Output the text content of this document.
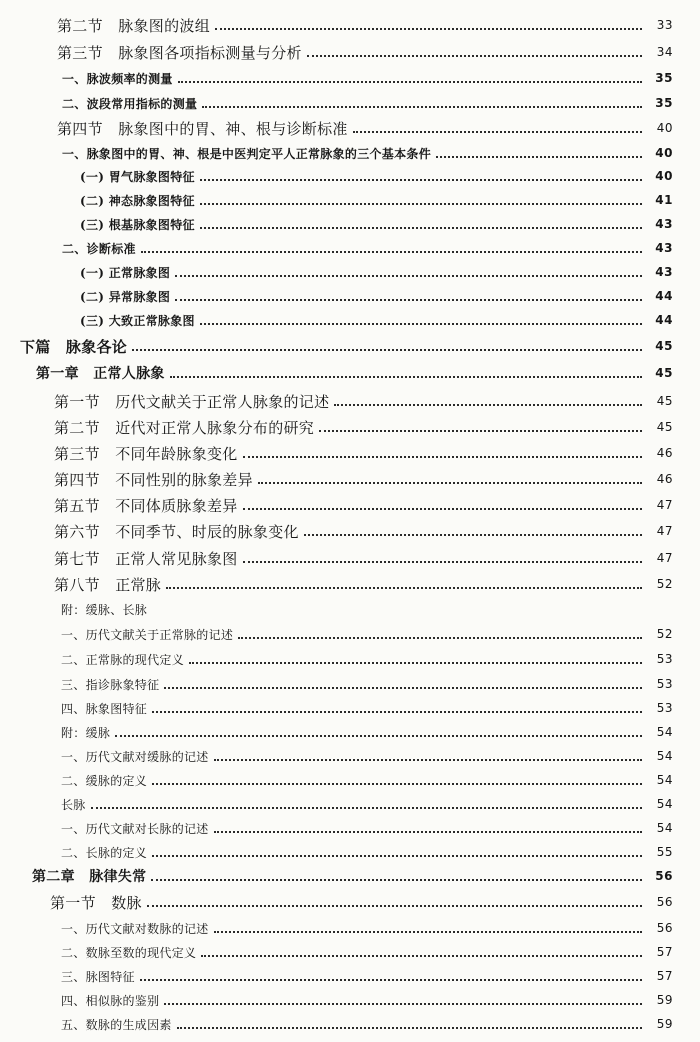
第二节　脉象图的波组	33
第三节　脉象图各项指标测量与分析	34
一、脉波频率的测量	35
二、波段常用指标的测量	35
第四节　脉象图中的胃、神、根与诊断标准	40
一、脉象图中的胃、神、根是中医判定平人正常脉象的三个基本条件	40
(一) 胃气脉象图特征	40
(二) 神态脉象图特征	41
(三) 根基脉象图特征	43
二、诊断标准	43
(一) 正常脉象图	43
(二) 异常脉象图	44
(三) 大致正常脉象图	44
下篇　脉象各论	45
第一章　正常人脉象	45
第一节　历代文献关于正常人脉象的记述	45
第二节　近代对正常人脉象分布的研究	45
第三节　不同年龄脉象变化	46
第四节　不同性别的脉象差异	46
第五节　不同体质脉象差异	47
第六节　不同季节、时辰的脉象变化	47
第七节　正常人常见脉象图	47
第八节　正常脉	52
附：缓脉、长脉
一、历代文献关于正常脉的记述	52
二、正常脉的现代定义	53
三、指诊脉象特征	53
四、脉象图特征	53
附：缓脉	54
一、历代文献对缓脉的记述	54
二、缓脉的定义	54
长脉	54
一、历代文献对长脉的记述	54
二、长脉的定义	55
第二章　脉律失常	56
第一节　数脉	56
一、历代文献对数脉的记述	56
二、数脉至数的现代定义	57
三、脉图特征	57
四、相似脉的鉴别	59
五、数脉的生成因素	59
